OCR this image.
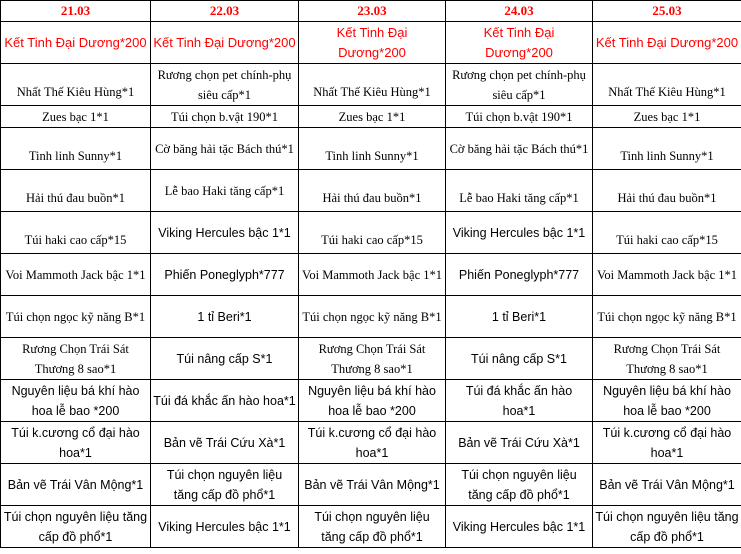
21.03	22.03	23.03	24.03	25.03
Kết Tinh Đại Dương*200	Kết Tinh Đại Dương*200	Kết Tinh Đại Dương*200	Kết Tinh Đại Dương*200	Kết Tinh Đại Dương*200

Nhất Thế Kiêu Hùng*1	Rương chọn pet chính-phụ siêu cấp*1	Nhất Thế Kiêu Hùng*1	Rương chọn pet chính-phụ siêu cấp*1	Nhất Thế Kiêu Hùng*1

Zues bạc 1*1	Túi chọn b.vật 190*1	Zues bạc 1*1	Túi chọn b.vật 190*1	Zues bạc 1*1

Tinh linh Sunny*1	Cờ băng hải tặc Bách thú*1	Tinh linh Sunny*1	Cờ băng hải tặc Bách thú*1	Tinh linh Sunny*1

Hải thú đau buồn*1	Lễ bao Haki tăng cấp*1	Hải thú đau buồn*1	Lễ bao Haki tăng cấp*1	Hải thú đau buồn*1

Túi haki cao cấp*15	Viking Hercules bậc 1*1	Túi haki cao cấp*15	Viking Hercules bậc 1*1	Túi haki cao cấp*15

Voi Mammoth Jack bậc 1*1	Phiến Poneglyph*777	Voi Mammoth Jack bậc 1*1	Phiến Poneglyph*777	Voi Mammoth Jack bậc 1*1

Túi chọn ngọc kỹ năng B*1	1 tỉ Beri*1	Túi chọn ngọc kỹ năng B*1	1 tỉ Beri*1	Túi chọn ngọc kỹ năng B*1

Rương Chọn Trái Sát Thương 8 sao*1	Túi nâng cấp S*1	Rương Chọn Trái Sát Thương 8 sao*1	Túi nâng cấp S*1	Rương Chọn Trái Sát Thương 8 sao*1

Nguyên liệu bá khí hào hoa lễ bao *200	Túi đá khắc ấn hào hoa*1	Nguyên liệu bá khí hào hoa lễ bao *200	Túi đá khắc ấn hào hoa*1	Nguyên liệu bá khí hào hoa lễ bao *200

Túi k.cương cổ đại hào hoa*1	Bản vẽ Trái Cứu Xà*1	Túi k.cương cổ đại hào hoa*1	Bản vẽ Trái Cứu Xà*1	Túi k.cương cổ đại hào hoa*1

Bản vẽ Trái Vân Mộng*1	Túi chọn nguyên liệu tăng cấp đồ phổ*1	Bản vẽ Trái Vân Mộng*1	Túi chọn nguyên liệu tăng cấp đồ phổ*1	Bản vẽ Trái Vân Mộng*1

Túi chọn nguyên liệu tăng cấp đồ phổ*1	Viking Hercules bậc 1*1	Túi chọn nguyên liệu tăng cấp đồ phổ*1	Viking Hercules bậc 1*1	Túi chọn nguyên liệu tăng cấp đồ phổ*1
